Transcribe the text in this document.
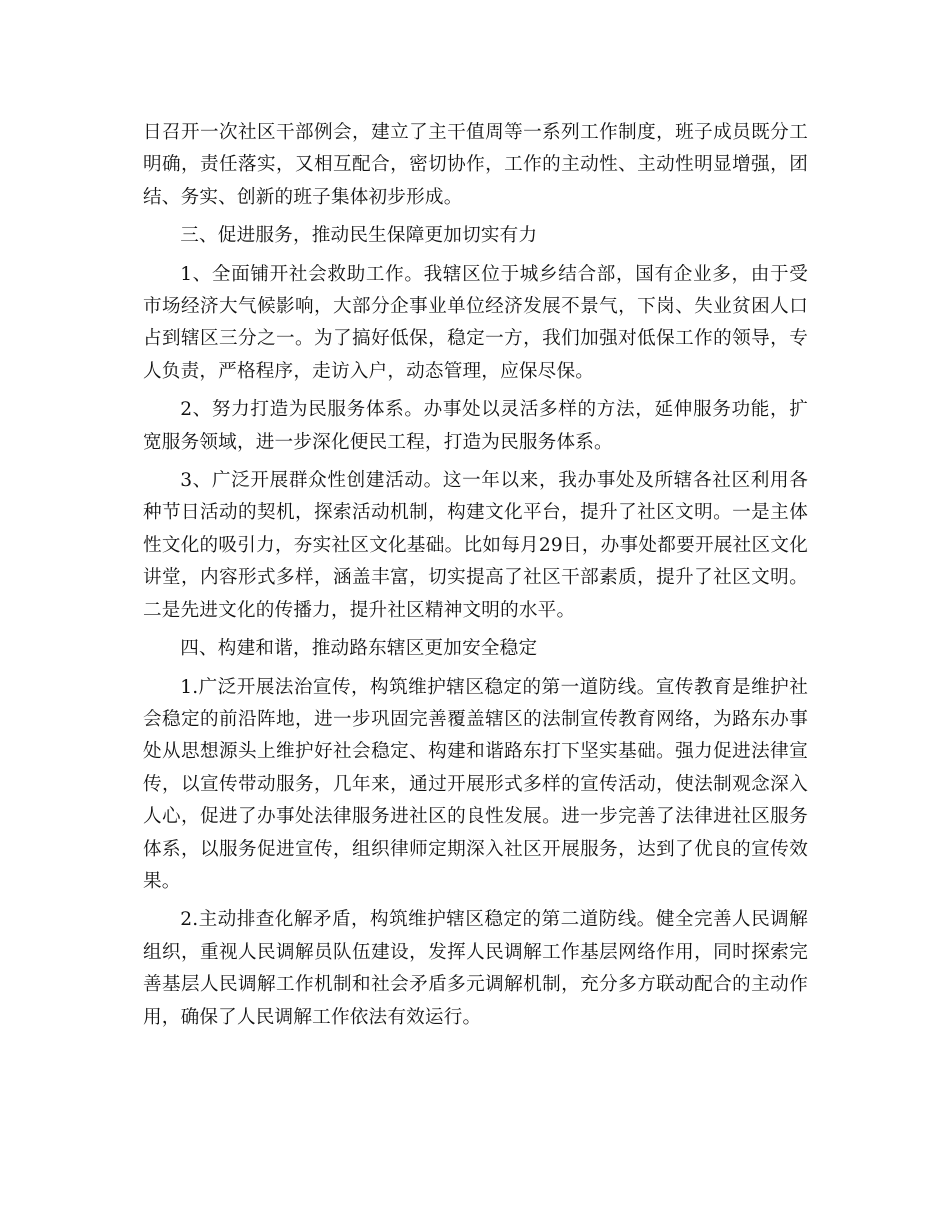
日召开一次社区干部例会，建立了主干值周等一系列工作制度，班子成员既分工明确，责任落实，又相互配合，密切协作，工作的主动性、主动性明显增强，团结、务实、创新的班子集体初步形成。

三、促进服务，推动民生保障更加切实有力

1、全面铺开社会救助工作。我辖区位于城乡结合部，国有企业多，由于受市场经济大气候影响，大部分企事业单位经济发展不景气，下岗、失业贫困人口占到辖区三分之一。为了搞好低保，稳定一方，我们加强对低保工作的领导，专人负责，严格程序，走访入户，动态管理，应保尽保。

2、努力打造为民服务体系。办事处以灵活多样的方法，延伸服务功能，扩宽服务领域，进一步深化便民工程，打造为民服务体系。

3、广泛开展群众性创建活动。这一年以来，我办事处及所辖各社区利用各种节日活动的契机，探索活动机制，构建文化平台，提升了社区文明。一是主体性文化的吸引力，夯实社区文化基础。比如每月29日，办事处都要开展社区文化讲堂，内容形式多样，涵盖丰富，切实提高了社区干部素质，提升了社区文明。二是先进文化的传播力，提升社区精神文明的水平。

四、构建和谐，推动路东辖区更加安全稳定

1.广泛开展法治宣传，构筑维护辖区稳定的第一道防线。宣传教育是维护社会稳定的前沿阵地，进一步巩固完善覆盖辖区的法制宣传教育网络，为路东办事处从思想源头上维护好社会稳定、构建和谐路东打下坚实基础。强力促进法律宣传，以宣传带动服务，几年来，通过开展形式多样的宣传活动，使法制观念深入人心，促进了办事处法律服务进社区的良性发展。进一步完善了法律进社区服务体系，以服务促进宣传，组织律师定期深入社区开展服务，达到了优良的宣传效果。

2.主动排查化解矛盾，构筑维护辖区稳定的第二道防线。健全完善人民调解组织，重视人民调解员队伍建设，发挥人民调解工作基层网络作用，同时探索完善基层人民调解工作机制和社会矛盾多元调解机制，充分多方联动配合的主动作用，确保了人民调解工作依法有效运行。
